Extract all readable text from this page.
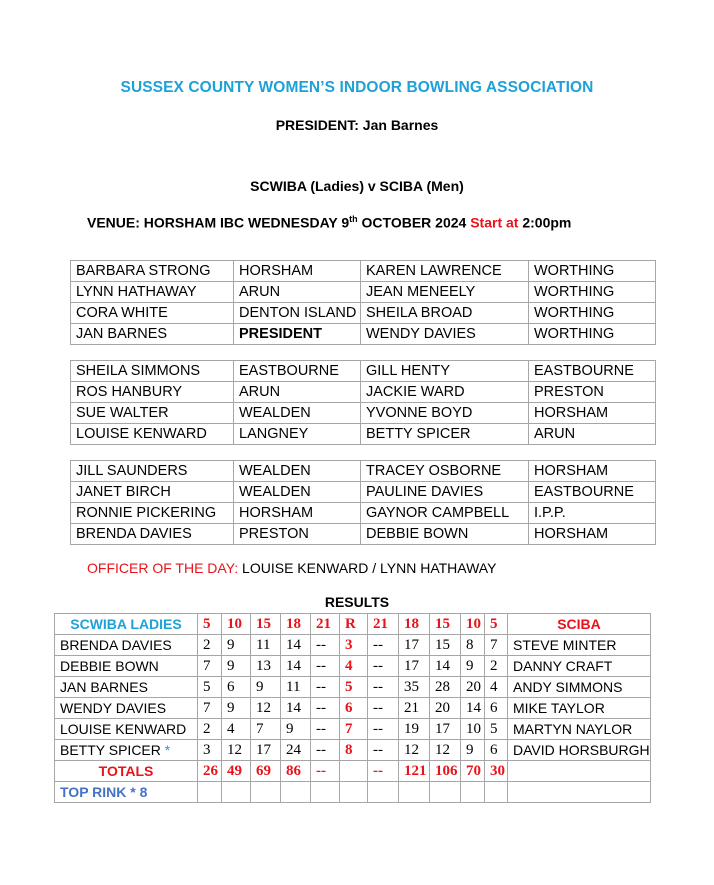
SUSSEX COUNTY WOMEN’S INDOOR BOWLING ASSOCIATION
PRESIDENT: Jan Barnes
SCWIBA (Ladies) v SCIBA (Men)
VENUE: HORSHAM IBC WEDNESDAY 9th OCTOBER 2024 Start at 2:00pm
BARBARA STRONG	HORSHAM	KAREN LAWRENCE	WORTHING
LYNN HATHAWAY	ARUN	JEAN MENEELY	WORTHING
CORA WHITE	DENTON ISLAND	SHEILA BROAD	WORTHING
JAN BARNES	PRESIDENT	WENDY DAVIES	WORTHING
SHEILA SIMMONS	EASTBOURNE	GILL HENTY	EASTBOURNE
ROS HANBURY	ARUN	JACKIE WARD	PRESTON
SUE WALTER	WEALDEN	YVONNE BOYD	HORSHAM
LOUISE KENWARD	LANGNEY	BETTY SPICER	ARUN
JILL SAUNDERS	WEALDEN	TRACEY OSBORNE	HORSHAM
JANET BIRCH	WEALDEN	PAULINE DAVIES	EASTBOURNE
RONNIE PICKERING	HORSHAM	GAYNOR CAMPBELL	I.P.P.
BRENDA DAVIES	PRESTON	DEBBIE BOWN	HORSHAM
OFFICER OF THE DAY: LOUISE KENWARD / LYNN HATHAWAY
RESULTS
SCWIBA LADIES	5	10	15	18	21	R	21	18	15	10	5	SCIBA
BRENDA DAVIES	2	9	11	14	--	3	--	17	15	8	7	STEVE MINTER
DEBBIE BOWN	7	9	13	14	--	4	--	17	14	9	2	DANNY CRAFT
JAN BARNES	5	6	9	11	--	5	--	35	28	20	4	ANDY SIMMONS
WENDY DAVIES	7	9	12	14	--	6	--	21	20	14	6	MIKE TAYLOR
LOUISE KENWARD	2	4	7	9	--	7	--	19	17	10	5	MARTYN NAYLOR
BETTY SPICER *	3	12	17	24	--	8	--	12	12	9	6	DAVID HORSBURGH
TOTALS	26	49	69	86	--		--	121	106	70	30	
TOP RINK * 8												
